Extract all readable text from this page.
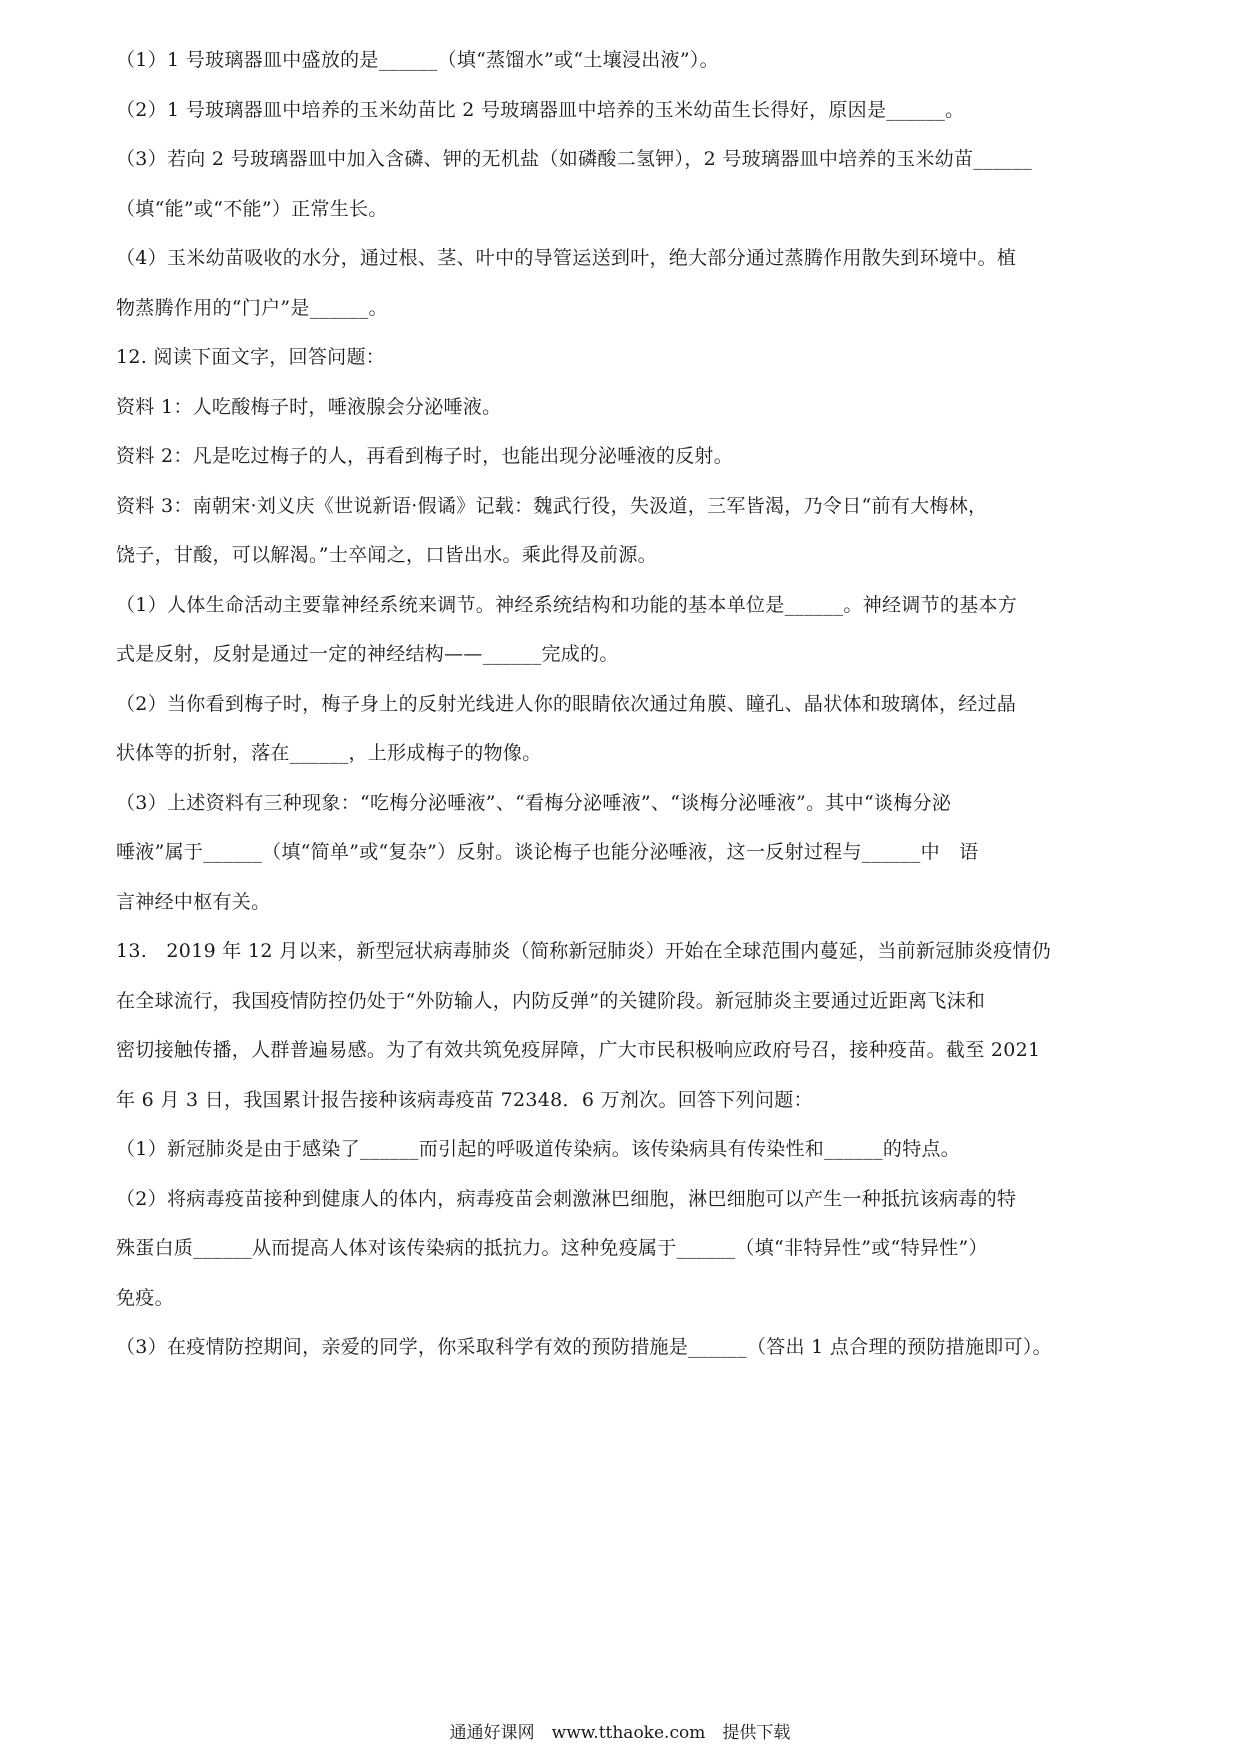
（1）1 号玻璃器皿中盛放的是______（填“蒸馏水”或“土壤浸出液”）。

（2）1 号玻璃器皿中培养的玉米幼苗比 2 号玻璃器皿中培养的玉米幼苗生长得好，原因是______。

（3）若向 2 号玻璃器皿中加入含磷、钾的无机盐（如磷酸二氢钾），2 号玻璃器皿中培养的玉米幼苗______

（填“能”或“不能”）正常生长。

（4）玉米幼苗吸收的水分，通过根、茎、叶中的导管运送到叶，绝大部分通过蒸腾作用散失到环境中。植

物蒸腾作用的“门户”是______。

12. 阅读下面文字，回答问题：

资料 1：人吃酸梅子时，唾液腺会分泌唾液。

资料 2：凡是吃过梅子的人，再看到梅子时，也能出现分泌唾液的反射。

资料 3：南朝宋·刘义庆《世说新语·假谲》记载：魏武行役，失汲道，三军皆渴，乃令日“前有大梅林，

饶子，甘酸，可以解渴。”士卒闻之，口皆出水。乘此得及前源。

（1）人体生命活动主要靠神经系统来调节。神经系统结构和功能的基本单位是______。神经调节的基本方

式是反射，反射是通过一定的神经结构——______完成的。

（2）当你看到梅子时，梅子身上的反射光线进人你的眼睛依次通过角膜、瞳孔、晶状体和玻璃体，经过晶

状体等的折射，落在______，上形成梅子的物像。

（3）上述资料有三种现象：“吃梅分泌唾液”、“看梅分泌唾液”、“谈梅分泌唾液”。其中“谈梅分泌

唾液”属于______（填“简单”或“复杂”）反射。谈论梅子也能分泌唾液，这一反射过程与______中　语

言神经中枢有关。

13.　2019 年 12 月以来，新型冠状病毒肺炎（简称新冠肺炎）开始在全球范围内蔓延，当前新冠肺炎疫情仍

在全球流行，我国疫情防控仍处于“外防输人，内防反弹”的关键阶段。新冠肺炎主要通过近距离飞沫和

密切接触传播，人群普遍易感。为了有效共筑免疫屏障，广大市民积极响应政府号召，接种疫苗。截至 2021

年 6 月 3 日，我国累计报告接种该病毒疫苗 72348．6 万剂次。回答下列问题：

（1）新冠肺炎是由于感染了______而引起的呼吸道传染病。该传染病具有传染性和______的特点。

（2）将病毒疫苗接种到健康人的体内，病毒疫苗会刺激淋巴细胞，淋巴细胞可以产生一种抵抗该病毒的特

殊蛋白质______从而提高人体对该传染病的抵抗力。这种免疫属于______（填“非特异性”或“特异性”）

免疫。

（3）在疫情防控期间，亲爱的同学，你采取科学有效的预防措施是______（答出 1 点合理的预防措施即可）。

通通好课网　www.tthaoke.com　提供下载
